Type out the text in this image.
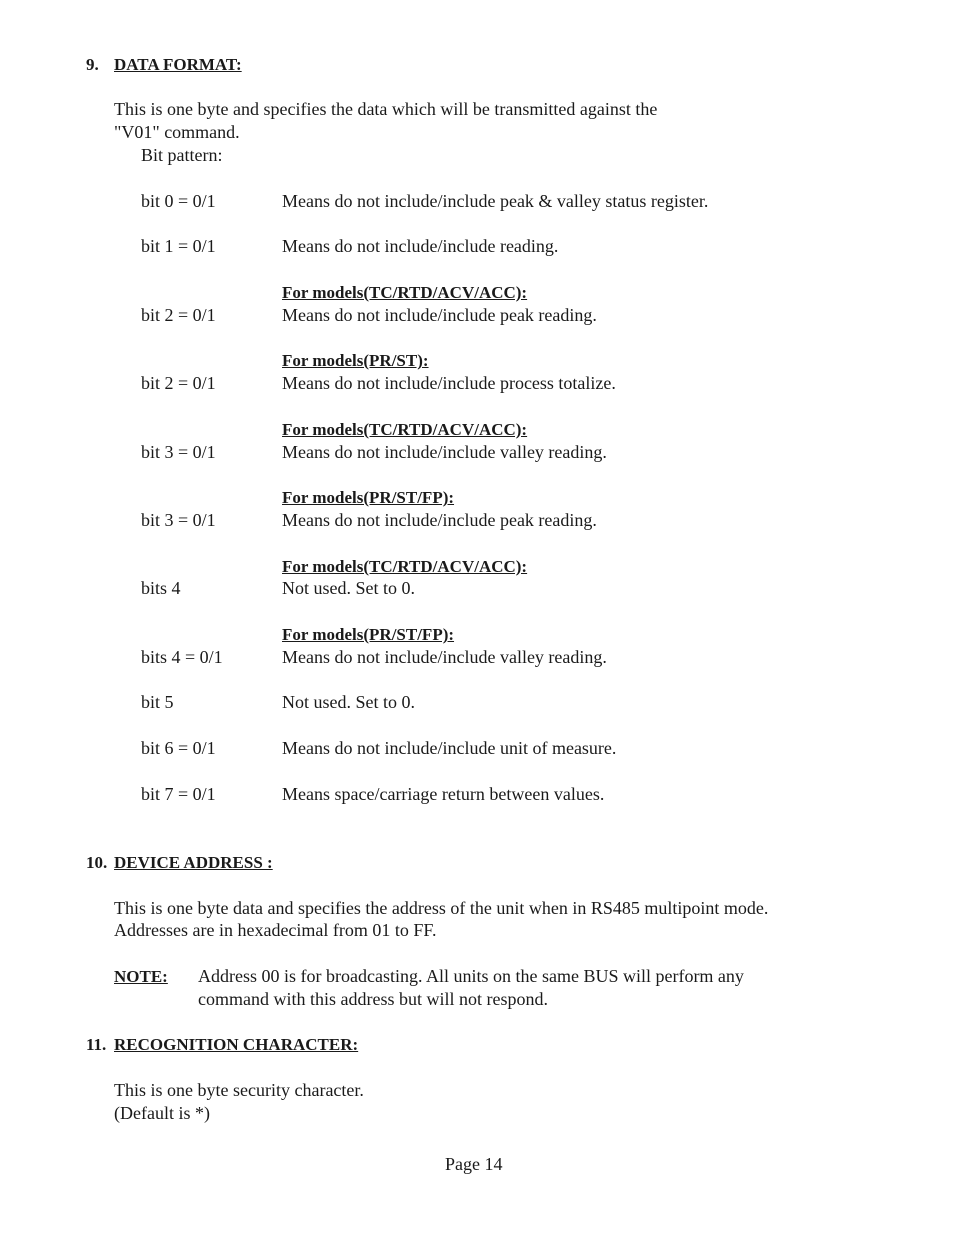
9. DATA FORMAT:
This is one byte and specifies the data which will be transmitted against the
"V01" command.
Bit pattern:
bit 0 = 0/1	Means do not include/include peak & valley status register.
bit 1 = 0/1	Means do not include/include reading.
For models(TC/RTD/ACV/ACC):
bit 2 = 0/1	Means do not include/include peak reading.
For models(PR/ST):
bit 2 = 0/1	Means do not include/include process totalize.
For models(TC/RTD/ACV/ACC):
bit 3 = 0/1	Means do not include/include valley reading.
For models(PR/ST/FP):
bit 3 = 0/1	Means do not include/include peak reading.
For models(TC/RTD/ACV/ACC):
bits 4	Not used. Set to 0.
For models(PR/ST/FP):
bits 4 = 0/1	Means do not include/include valley reading.
bit 5	Not used. Set to 0.
bit 6 = 0/1	Means do not include/include unit of measure.
bit 7 = 0/1	Means space/carriage return between values.
10. DEVICE ADDRESS :
This is one byte data and specifies the address of the unit when in RS485 multipoint mode.
Addresses are in hexadecimal from 01 to FF.
NOTE: Address 00 is for broadcasting. All units on the same BUS will perform any
command with this address but will not respond.
11. RECOGNITION CHARACTER:
This is one byte security character.
(Default is *)
Page 14
